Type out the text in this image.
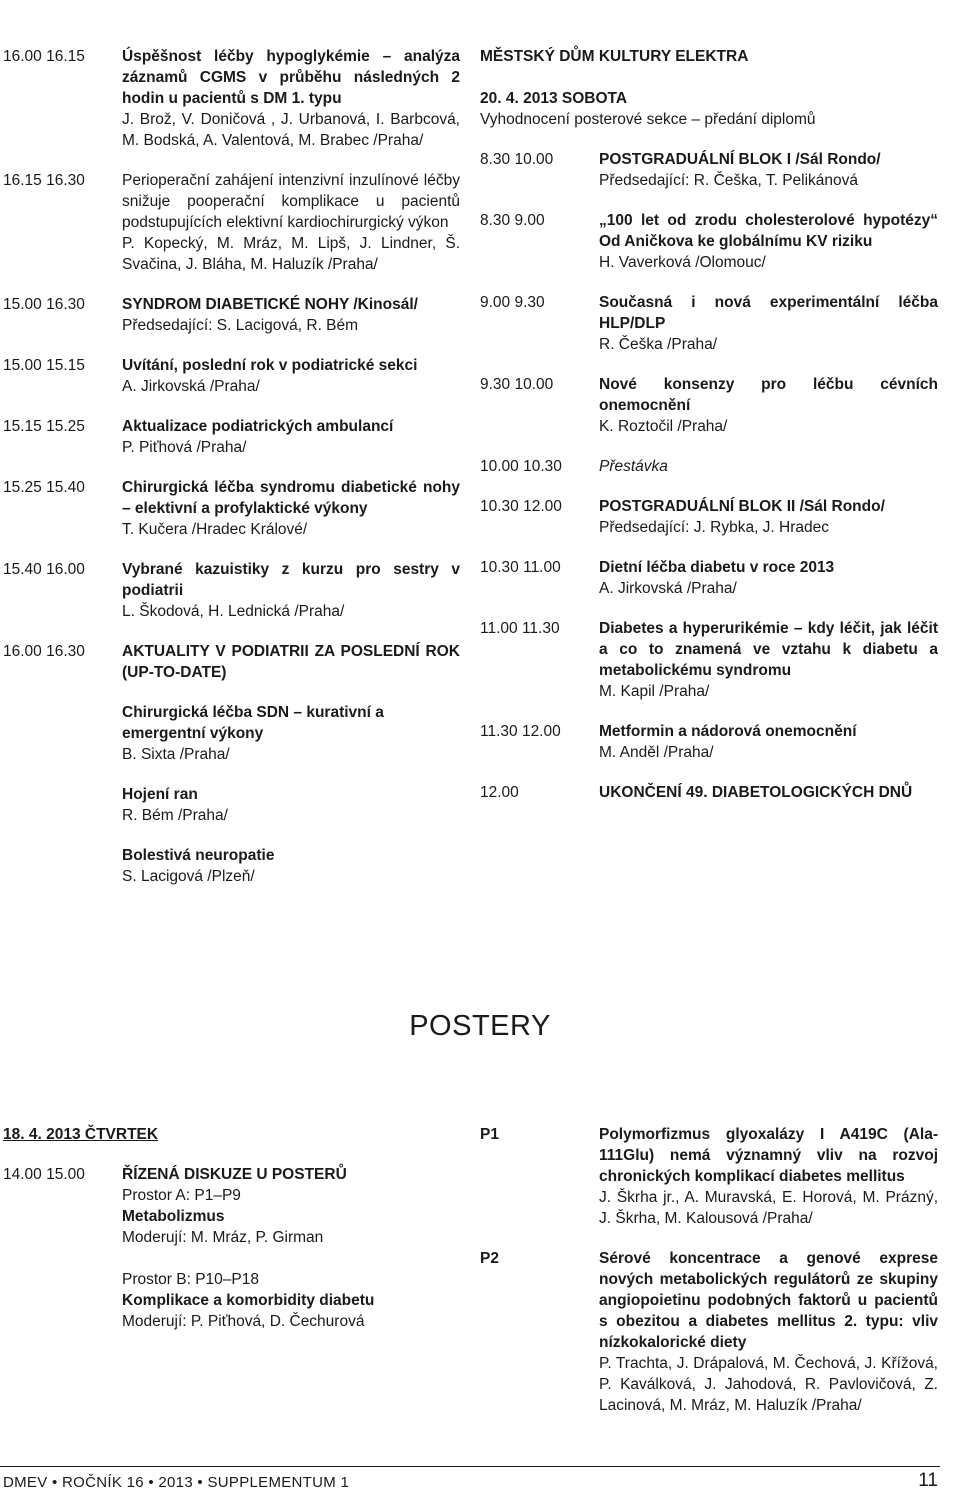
16.00 16.15	Úspěšnost léčby hypoglykémie – analýza záznamů CGMS v průběhu následných 2 hodin u pacientů s DM 1. typu
J. Brož, V. Doničová , J. Urbanová, I. Barbcová, M. Bodská, A. Valentová, M. Brabec /Praha/
16.15 16.30	Perioperační zahájení intenzivní inzulínové léčby snižuje pooperační komplikace u pacientů podstupujících elektivní kardiochirurgický výkon
P. Kopecký, M. Mráz, M. Lipš, J. Lindner, Š. Svačina, J. Bláha, M. Haluzík /Praha/
15.00 16.30	SYNDROM DIABETICKÉ NOHY /Kinosál/
Předsedající: S. Lacigová, R. Bém
15.00 15.15	Uvítání, poslední rok v podiatrické sekci
A. Jirkovská /Praha/
15.15 15.25	Aktualizace podiatrických ambulancí
P. Piťhová /Praha/
15.25 15.40	Chirurgická léčba syndromu diabetické nohy – elektivní a profylaktické výkony
T. Kučera /Hradec Králové/
15.40 16.00	Vybrané kazuistiky z kurzu pro sestry v podiatrii
L. Škodová, H. Lednická /Praha/
16.00 16.30	AKTUALITY V PODIATRII ZA POSLEDNÍ ROK (UP-TO-DATE)
Chirurgická léčba SDN – kurativní a emergentní výkony
B. Sixta /Praha/
Hojení ran
R. Bém /Praha/
Bolestivá neuropatie
S. Lacigová /Plzeň/
MĚSTSKÝ DŮM KULTURY ELEKTRA
20. 4. 2013 SOBOTA
Vyhodnocení posterové sekce – předání diplomů
8.30 10.00	POSTGRADUÁLNÍ BLOK I /Sál Rondo/
Předsedající: R. Češka, T. Pelikánová
8.30 9.00	„100 let od zrodu cholesterolové hypotézy“ Od Aničkova ke globálnímu KV riziku
H. Vaverková /Olomouc/
9.00 9.30	Současná i nová experimentální léčba HLP/DLP
R. Češka /Praha/
9.30 10.00	Nové konsenzy pro léčbu cévních onemocnění
K. Roztočil /Praha/
10.00 10.30	Přestávka
10.30 12.00	POSTGRADUÁLNÍ BLOK II /Sál Rondo/
Předsedající: J. Rybka, J. Hradec
10.30 11.00	Dietní léčba diabetu v roce 2013
A. Jirkovská /Praha/
11.00 11.30	Diabetes a hyperurikémie – kdy léčit, jak léčit a co to znamená ve vztahu k diabetu a metabolickému syndromu
M. Kapil /Praha/
11.30 12.00	Metformin a nádorová onemocnění
M. Anděl /Praha/
12.00	UKONČENÍ 49. DIABETOLOGICKÝCH DNŮ
POSTERY
18. 4. 2013 ČTVRTEK
14.00 15.00	ŘÍZENÁ DISKUZE U POSTERŮ
Prostor A: P1–P9
Metabolizmus
Moderují: M. Mráz, P. Girman
Prostor B: P10–P18
Komplikace a komorbidity diabetu
Moderují: P. Piťhová, D. Čechurová
P1	Polymorfizmus glyoxalázy I A419C (Ala-111Glu) nemá významný vliv na rozvoj chronických komplikací diabetes mellitus
J. Škrha jr., A. Muravská, E. Horová, M. Prázný, J. Škrha, M. Kalousová /Praha/
P2	Sérové koncentrace a genové exprese nových metabolických regulátorů ze skupiny angiopoietinu podobných faktorů u pacientů s obezitou a diabetes mellitus 2. typu: vliv nízkokalorické diety
P. Trachta, J. Drápalová, M. Čechová, J. Křížová, P. Kaválková, J. Jahodová, R. Pavlovičová, Z. Lacinová, M. Mráz, M. Haluzík /Praha/
DMEV • ROČNÍK 16 • 2013 • SUPPLEMENTUM 1	11
